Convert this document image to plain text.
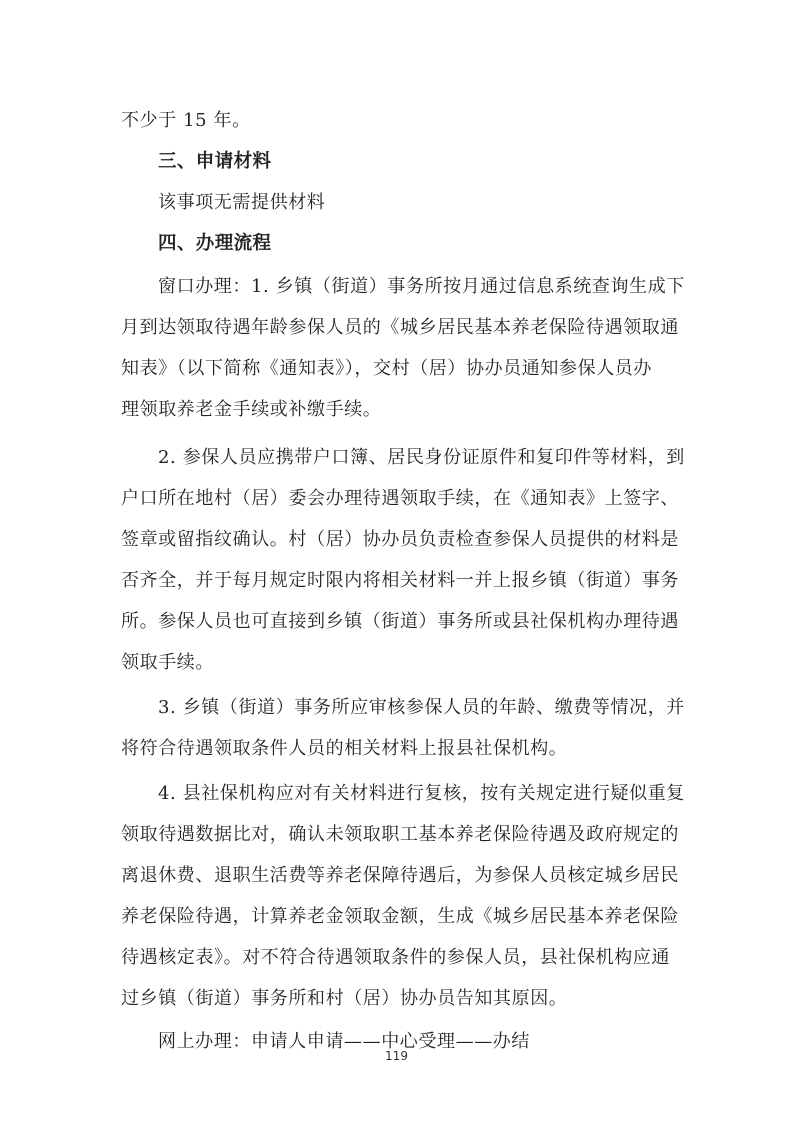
不少于 15 年。
三、申请材料
该事项无需提供材料
四、办理流程
窗口办理：1. 乡镇（街道）事务所按月通过信息系统查询生成下
月到达领取待遇年龄参保人员的《城乡居民基本养老保险待遇领取通
知表》（以下简称《通知表》），交村（居）协办员通知参保人员办
理领取养老金手续或补缴手续。
2. 参保人员应携带户口簿、居民身份证原件和复印件等材料，到
户口所在地村（居）委会办理待遇领取手续，在《通知表》上签字、
签章或留指纹确认。村（居）协办员负责检查参保人员提供的材料是
否齐全，并于每月规定时限内将相关材料一并上报乡镇（街道）事务
所。参保人员也可直接到乡镇（街道）事务所或县社保机构办理待遇
领取手续。
3. 乡镇（街道）事务所应审核参保人员的年龄、缴费等情况，并
将符合待遇领取条件人员的相关材料上报县社保机构。
4. 县社保机构应对有关材料进行复核，按有关规定进行疑似重复
领取待遇数据比对，确认未领取职工基本养老保险待遇及政府规定的
离退休费、退职生活费等养老保障待遇后，为参保人员核定城乡居民
养老保险待遇，计算养老金领取金额，生成《城乡居民基本养老保险
待遇核定表》。对不符合待遇领取条件的参保人员，县社保机构应通
过乡镇（街道）事务所和村（居）协办员告知其原因。
网上办理：申请人申请——中心受理——办结
119
